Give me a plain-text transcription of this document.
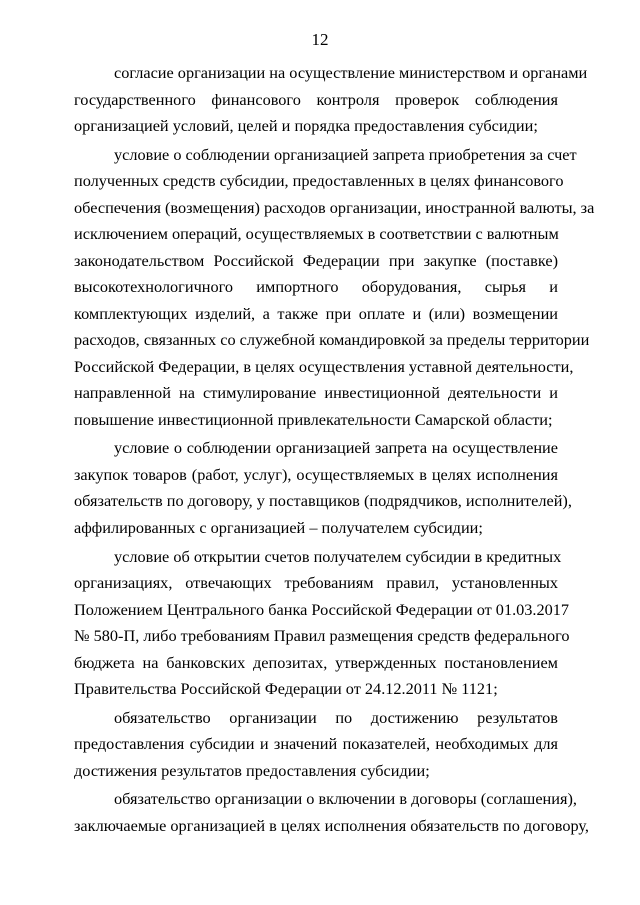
12
согласие организации на осуществление министерством и органами
государственного финансового контроля проверок соблюдения
организацией условий, целей и порядка предоставления субсидии;
условие о соблюдении организацией запрета приобретения за счет
полученных средств субсидии, предоставленных в целях финансового
обеспечения (возмещения) расходов организации, иностранной валюты, за
исключением операций, осуществляемых в соответствии с валютным
законодательством Российской Федерации при закупке (поставке)
высокотехнологичного импортного оборудования, сырья и
комплектующих изделий, а также при оплате и (или) возмещении
расходов, связанных со служебной командировкой за пределы территории
Российской Федерации, в целях осуществления уставной деятельности,
направленной на стимулирование инвестиционной деятельности и
повышение инвестиционной привлекательности Самарской области;
условие о соблюдении организацией запрета на осуществление
закупок товаров (работ, услуг), осуществляемых в целях исполнения
обязательств по договору, у поставщиков (подрядчиков, исполнителей),
аффилированных с организацией – получателем субсидии;
условие об открытии счетов получателем субсидии в кредитных
организациях, отвечающих требованиям правил, установленных
Положением Центрального банка Российской Федерации от 01.03.2017
№ 580-П, либо требованиям Правил размещения средств федерального
бюджета на банковских депозитах, утвержденных постановлением
Правительства Российской Федерации от 24.12.2011 № 1121;
обязательство организации по достижению результатов
предоставления субсидии и значений показателей, необходимых для
достижения результатов предоставления субсидии;
обязательство организации о включении в договоры (соглашения),
заключаемые организацией в целях исполнения обязательств по договору,
